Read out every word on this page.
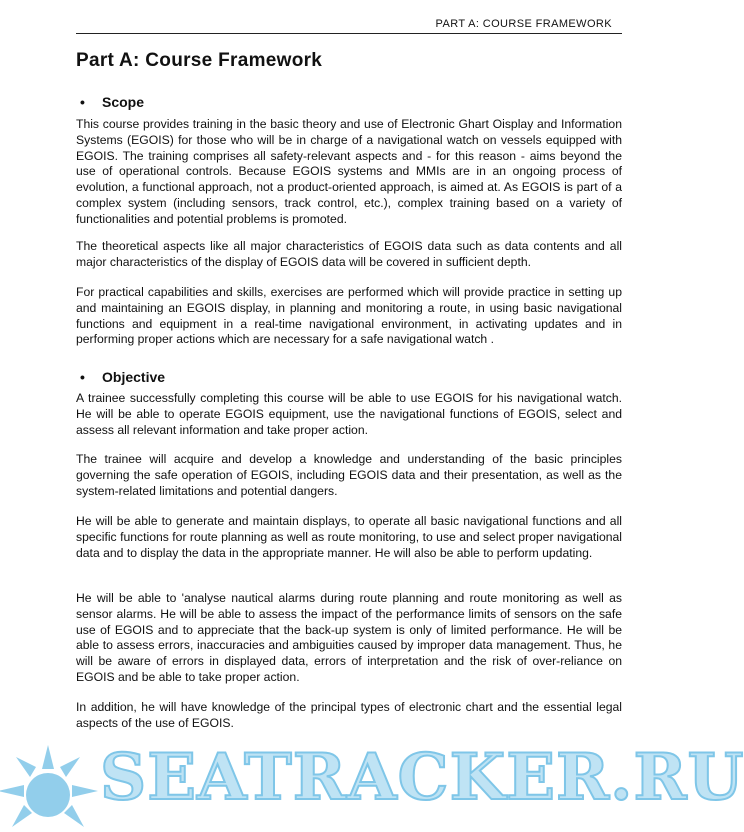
PART A: COURSE FRAMEWORK
Part A: Course Framework
• Scope

This course provides training in the basic theory and use of Electronic Ghart Oisplay and Information Systems (EGOIS) for those who will be in charge of a navigational watch on vessels equipped with EGOIS. The training comprises all safety-relevant aspects and - for this reason - aims beyond the use of operational controls. Because EGOIS systems and MMIs are in an ongoing process of evolution, a functional approach, not a product-oriented approach, is aimed at. As EGOIS is part of a complex system (including sensors, track control, etc.), complex training based on a variety of functionalities and potential problems is promoted.

The theoretical aspects like all major characteristics of EGOIS data such as data contents and all major characteristics of the display of EGOIS data will be covered in sufficient depth.

For practical capabilities and skills, exercises are performed which will provide practice in setting up and maintaining an EGOIS display, in planning and monitoring a route, in using basic navigational functions and equipment in a real-time navigational environment, in activating updates and in performing proper actions which are necessary for a safe navigational watch .

• Objective

A trainee successfully completing this course will be able to use EGOIS for his navigational watch. He will be able to operate EGOIS equipment, use the navigational functions of EGOIS, select and assess all relevant information and take proper action.

The trainee will acquire and develop a knowledge and understanding of the basic principles governing the safe operation of EGOIS, including EGOIS data and their presentation, as well as the system-related limitations and potential dangers.

He will be able to generate and maintain displays, to operate all basic navigational functions and all specific functions for route planning as well as route monitoring, to use and select proper navigational data and to display the data in the appropriate manner. He will also be able to perform updating.

He will be able to 'analyse nautical alarms during route planning and route monitoring as well as sensor alarms. He will be able to assess the impact of the performance limits of sensors on the safe use of EGOIS and to appreciate that the back-up system is only of limited performance. He will be able to assess errors, inaccuracies and ambiguities caused by improper data management. Thus, he will be aware of errors in displayed data, errors of interpretation and the risk of over-reliance on EGOIS and be able to take proper action.

In addition, he will have knowledge of the principal types of electronic chart and the essential legal aspects of the use of EGOIS.

SEATRACKER.RU
